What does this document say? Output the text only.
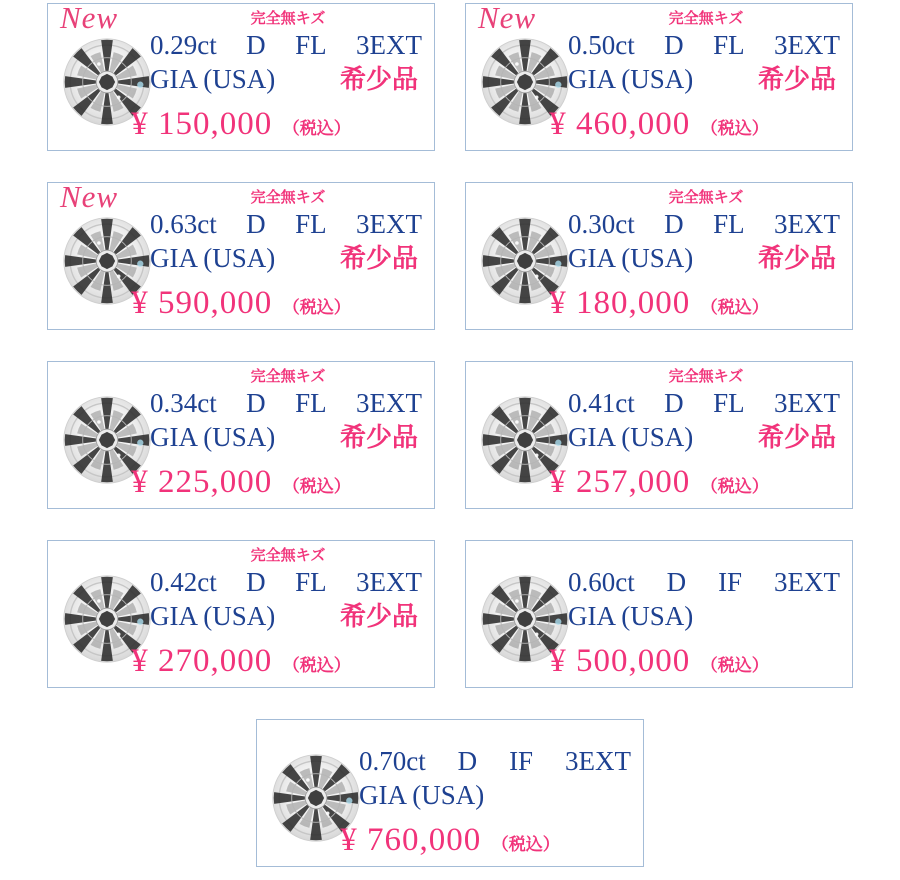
New	完全無キズ
0.29ct D FL 3EXT
GIA (USA) 希少品
¥ 150,000 （税込）
New	完全無キズ
0.50ct D FL 3EXT
GIA (USA) 希少品
¥ 460,000 （税込）
New	完全無キズ
0.63ct D FL 3EXT
GIA (USA) 希少品
¥ 590,000 （税込）
完全無キズ
0.30ct D FL 3EXT
GIA (USA) 希少品
¥ 180,000 （税込）
完全無キズ
0.34ct D FL 3EXT
GIA (USA) 希少品
¥ 225,000 （税込）
完全無キズ
0.41ct D FL 3EXT
GIA (USA) 希少品
¥ 257,000 （税込）
完全無キズ
0.42ct D FL 3EXT
GIA (USA) 希少品
¥ 270,000 （税込）
0.60ct D IF 3EXT
GIA (USA)
¥ 500,000 （税込）
0.70ct D IF 3EXT
GIA (USA)
¥ 760,000 （税込）
